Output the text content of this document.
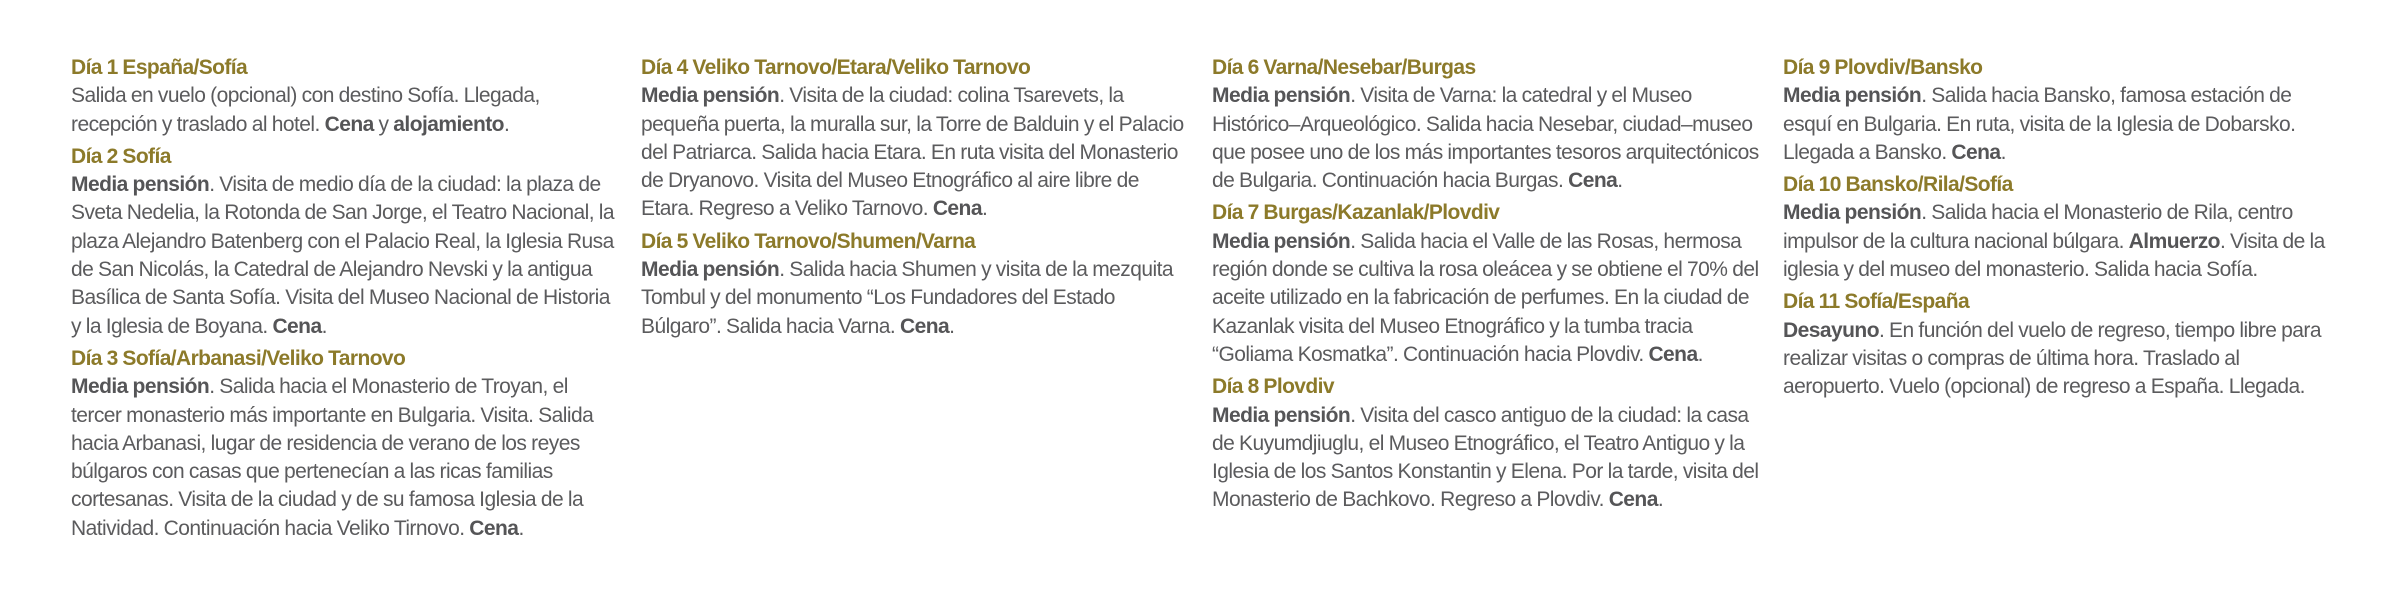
Día 1 España/Sofía
Salida en vuelo (opcional) con destino Sofía. Llegada, recepción y traslado al hotel. Cena y alojamiento.

Día 2 Sofía
Media pensión. Visita de medio día de la ciudad: la plaza de Sveta Nedelia, la Rotonda de San Jorge, el Teatro Nacional, la plaza Alejandro Batenberg con el Palacio Real, la Iglesia Rusa de San Nicolás, la Catedral de Alejandro Nevski y la antigua Basílica de Santa Sofía. Visita del Museo Nacional de Historia y la Iglesia de Boyana. Cena.

Día 3 Sofía/Arbanasi/Veliko Tarnovo
Media pensión. Salida hacia el Monasterio de Troyan, el tercer monasterio más importante en Bulgaria. Visita. Salida hacia Arbanasi, lugar de residencia de verano de los reyes búlgaros con casas que pertenecían a las ricas familias cortesanas. Visita de la ciudad y de su famosa Iglesia de la Natividad. Continuación hacia Veliko Tirnovo. Cena.

Día 4 Veliko Tarnovo/Etara/Veliko Tarnovo
Media pensión. Visita de la ciudad: colina Tsarevets, la pequeña puerta, la muralla sur, la Torre de Balduin y el Palacio del Patriarca. Salida hacia Etara. En ruta visita del Monasterio de Dryanovo. Visita del Museo Etnográfico al aire libre de Etara. Regreso a Veliko Tarnovo. Cena.

Día 5 Veliko Tarnovo/Shumen/Varna
Media pensión. Salida hacia Shumen y visita de la mezquita Tombul y del monumento “Los Fundadores del Estado Búlgaro”. Salida hacia Varna. Cena.

Día 6 Varna/Nesebar/Burgas
Media pensión. Visita de Varna: la catedral y el Museo Histórico–Arqueológico. Salida hacia Nesebar, ciudad–museo que posee uno de los más importantes tesoros arquitectónicos de Bulgaria. Continuación hacia Burgas. Cena.

Día 7 Burgas/Kazanlak/Plovdiv
Media pensión. Salida hacia el Valle de las Rosas, hermosa región donde se cultiva la rosa oleácea y se obtiene el 70% del aceite utilizado en la fabricación de perfumes. En la ciudad de Kazanlak visita del Museo Etnográfico y la tumba tracia “Goliama Kosmatka”. Continuación hacia Plovdiv. Cena.

Día 8 Plovdiv
Media pensión. Visita del casco antiguo de la ciudad: la casa de Kuyumdjiuglu, el Museo Etnográfico, el Teatro Antiguo y la Iglesia de los Santos Konstantin y Elena. Por la tarde, visita del Monasterio de Bachkovo. Regreso a Plovdiv. Cena.

Día 9 Plovdiv/Bansko
Media pensión. Salida hacia Bansko, famosa estación de esquí en Bulgaria. En ruta, visita de la Iglesia de Dobarsko. Llegada a Bansko. Cena.

Día 10 Bansko/Rila/Sofía
Media pensión. Salida hacia el Monasterio de Rila, centro impulsor de la cultura nacional búlgara. Almuerzo. Visita de la iglesia y del museo del monasterio. Salida hacia Sofía.

Día 11 Sofía/España
Desayuno. En función del vuelo de regreso, tiempo libre para realizar visitas o compras de última hora. Traslado al aeropuerto. Vuelo (opcional) de regreso a España. Llegada.
